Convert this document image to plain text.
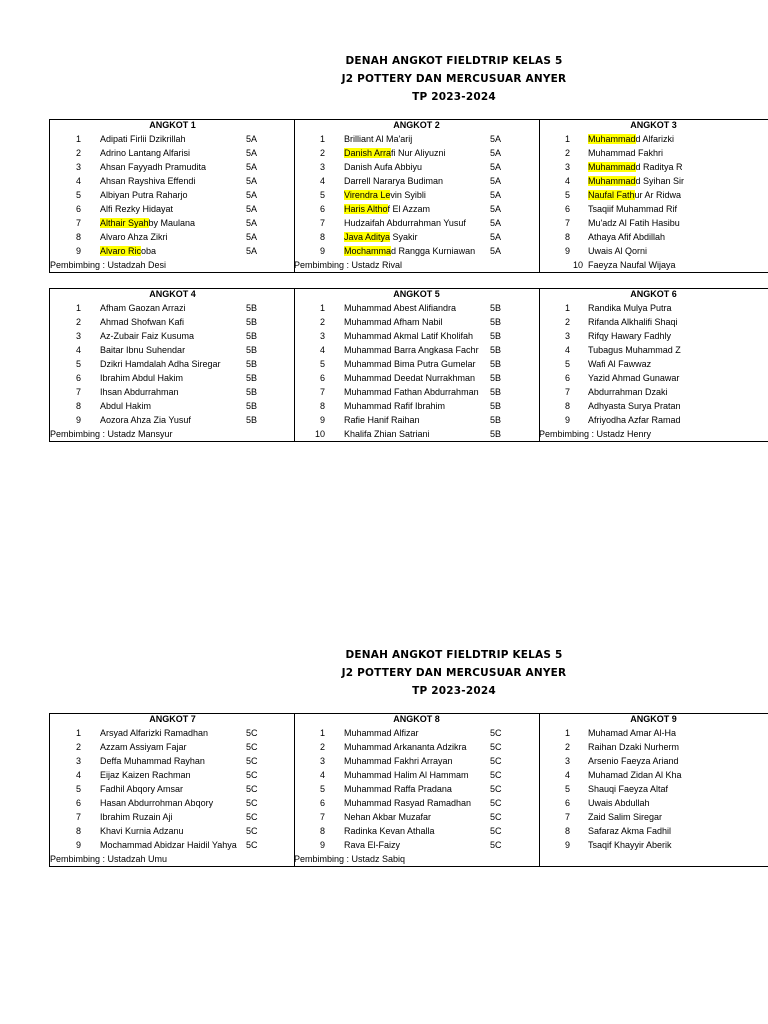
ANGKOT 1
1 Adipati Firlii Dzikrillah	5A
2 Adrino Lantang Alfarisi	5A
3 Ahsan Fayyadh Pramudita	5A
4 Ahsan Rayshiva Effendi	5A
5 Albiyan Putra Raharjo	5A
6 Alfi Rezky Hidayat	5A
7 Althair Syahby Maulana	5A
8 Alvaro Ahza Zikri	5A
9 Alvaro Ricoba	5A
Pembimbing : Ustadzah Desi
ANGKOT 2
1 Brilliant Al Ma'arij	5A
2 Danish Arrafi Nur Aliyuzni	5A
3 Danish Aufa Abbiyu	5A
4 Darrell Nararya Budiman	5A
5 Virendra Levin Syibli	5A
6 Haris Althof El Azzam	5A
7 Hudzaifah Abdurrahman Yusuf	5A
8 Java Aditya Syakir	5A
9 Mochammad Rangga Kurniawan	5A
Pembimbing : Ustadz Rival
ANGKOT 3
1 Muhammadd Alfarizki
2 Muhammad Fakhri
3 Muhammadd Raditya R
4 Muhammadd Syihan Sir
5 Naufal Fathur Ar Ridwa
6 Tsaqiif Muhammad Rif
7 Mu'adz Al Fatih Hasibu
8 Athaya Afif Abdillah
9 Uwais Al Qorni
10 Faeyza Naufal Wijaya
ANGKOT 4
1 Afham Gaozan Arrazi	5B
2 Ahmad Shofwan Kafi	5B
3 Az-Zubair Faiz Kusuma	5B
4 Baitar Ibnu Suhendar	5B
5 Dzikri Hamdalah Adha Siregar	5B
6 Ibrahim Abdul Hakim	5B
7 Ihsan Abdurrahman	5B
8 Abdul Hakim	5B
9 Aozora Ahza Zia Yusuf	5B
Pembimbing : Ustadz Mansyur
ANGKOT 5
1 Muhammad Abest Alifiandra	5B
2 Muhammad Afham Nabil	5B
3 Muhammad Akmal Latif Kholifah	5B
4 Muhammad Barra Angkasa Fachr	5B
5 Muhammad Bima Putra Gumelar	5B
6 Muhammad Deedat Nurrakhman	5B
7 Muhammad Fathan Abdurrahman	5B
8 Muhammad Rafif Ibrahim	5B
9 Rafie Hanif Raihan	5B
10 Khalifa Zhian Satriani	5B
ANGKOT 6
1 Randika Mulya Putra
2 Rifanda Alkhalifi Shaqi
3 Rifqy Hawary Fadhly
4 Tubagus Muhammad Z
5 Wafi Al Fawwaz
6 Yazid Ahmad Gunawar
7 Abdurrahman Dzaki
8 Adhyasta Surya Pratan
9 Afriyodha Azfar Ramad
Pembimbing : Ustadz Henry
ANGKOT 7
1 Arsyad Alfarizki Ramadhan	5C
2 Azzam Assiyam Fajar	5C
3 Deffa Muhammad Rayhan	5C
4 Eijaz Kaizen Rachman	5C
5 Fadhil Abqory Amsar	5C
6 Hasan Abdurrohman Abqory	5C
7 Ibrahim Ruzain Aji	5C
8 Khavi Kurnia Adzanu	5C
9 Mochammad Abidzar Haidil Yahya	5C
Pembimbing : Ustadzah Umu
ANGKOT 8
1 Muhammad Alfizar	5C
2 Muhammad Arkananta Adzikra	5C
3 Muhammad Fakhri Arrayan	5C
4 Muhammad Halim Al Hammam	5C
5 Muhammad Raffa Pradana	5C
6 Muhammad Rasyad Ramadhan	5C
7 Nehan Akbar Muzafar	5C
8 Radinka Kevan Athalla	5C
9 Rava El-Faizy	5C
Pembimbing : Ustadz Sabiq
ANGKOT 9
1 Muhamad Amar Al-Ha
2 Raihan Dzaki Nurherm
3 Arsenio Faeyza Ariand
4 Muhamad Zidan Al Kha
5 Shauqi Faeyza Altaf
6 Uwais Abdullah
7 Zaid Salim Siregar
8 Safaraz Akma Fadhil
9 Tsaqif Khayyir Aberik
DENAH ANGKOT FIELDTRIP KELAS 5
J2 POTTERY DAN MERCUSUAR ANYER
TP 2023-2024
DENAH ANGKOT FIELDTRIP KELAS 5
J2 POTTERY DAN MERCUSUAR ANYER
TP 2023-2024
